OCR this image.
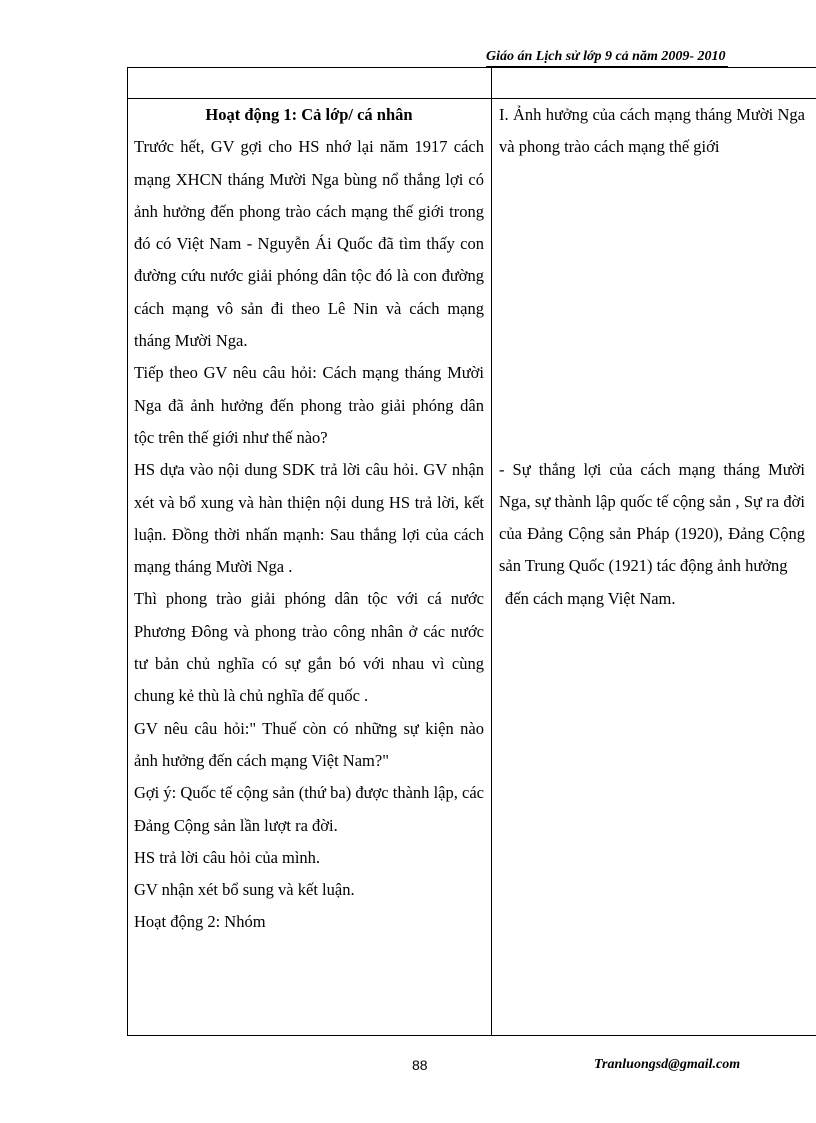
Giáo án Lịch sử lớp 9 cả năm 2009- 2010

Hoạt động 1: Cả lớp/ cá nhân

Trước hết, GV gợi cho HS nhớ lại năm 1917 cách mạng XHCN tháng Mười Nga bùng nổ thắng lợi có ảnh hưởng đến phong trào cách mạng thế giới trong đó có Việt Nam - Nguyễn Ái Quốc đã tìm thấy con đường cứu nước giải phóng dân tộc đó là con đường cách mạng vô sản đi theo Lê Nin và cách mạng tháng Mười Nga.

Tiếp theo GV nêu câu hỏi: Cách mạng tháng Mười Nga đã ảnh hưởng đến phong trào giải phóng dân tộc trên thế giới như thế nào?

HS dựa vào nội dung SDK trả lời câu hỏi. GV nhận xét và bổ xung và hàn thiện nội dung HS trả lời, kết luận. Đồng thời nhấn mạnh: Sau thắng lợi của cách mạng tháng Mười Nga .

Thì phong trào giải phóng dân tộc với cá nước Phương Đông và phong trào công nhân ở các nước tư bản chủ nghĩa có sự gắn bó với nhau vì cùng chung kẻ thù là chủ nghĩa đế quốc .

GV nêu câu hỏi:" Thuế còn có những sự kiện nào ảnh hưởng đến cách mạng Việt Nam?"

Gợi ý: Quốc tế cộng sản (thứ ba) được thành lập, các Đảng Cộng sản lần lượt ra đời.

HS trả lời câu hỏi của mình.

GV nhận xét bổ sung và kết luận.

Hoạt động 2: Nhóm

I. Ảnh hưởng của cách mạng tháng Mười Nga và phong trào cách mạng thế giới

- Sự thắng lợi của cách mạng tháng Mười Nga, sự thành lập quốc tế cộng sản , Sự ra đời của Đảng Cộng sản Pháp (1920), Đảng Cộng sản Trung Quốc (1921) tác động ảnh hưởng

đến cách mạng Việt Nam.

88	Tranluongsd@gmail.com
